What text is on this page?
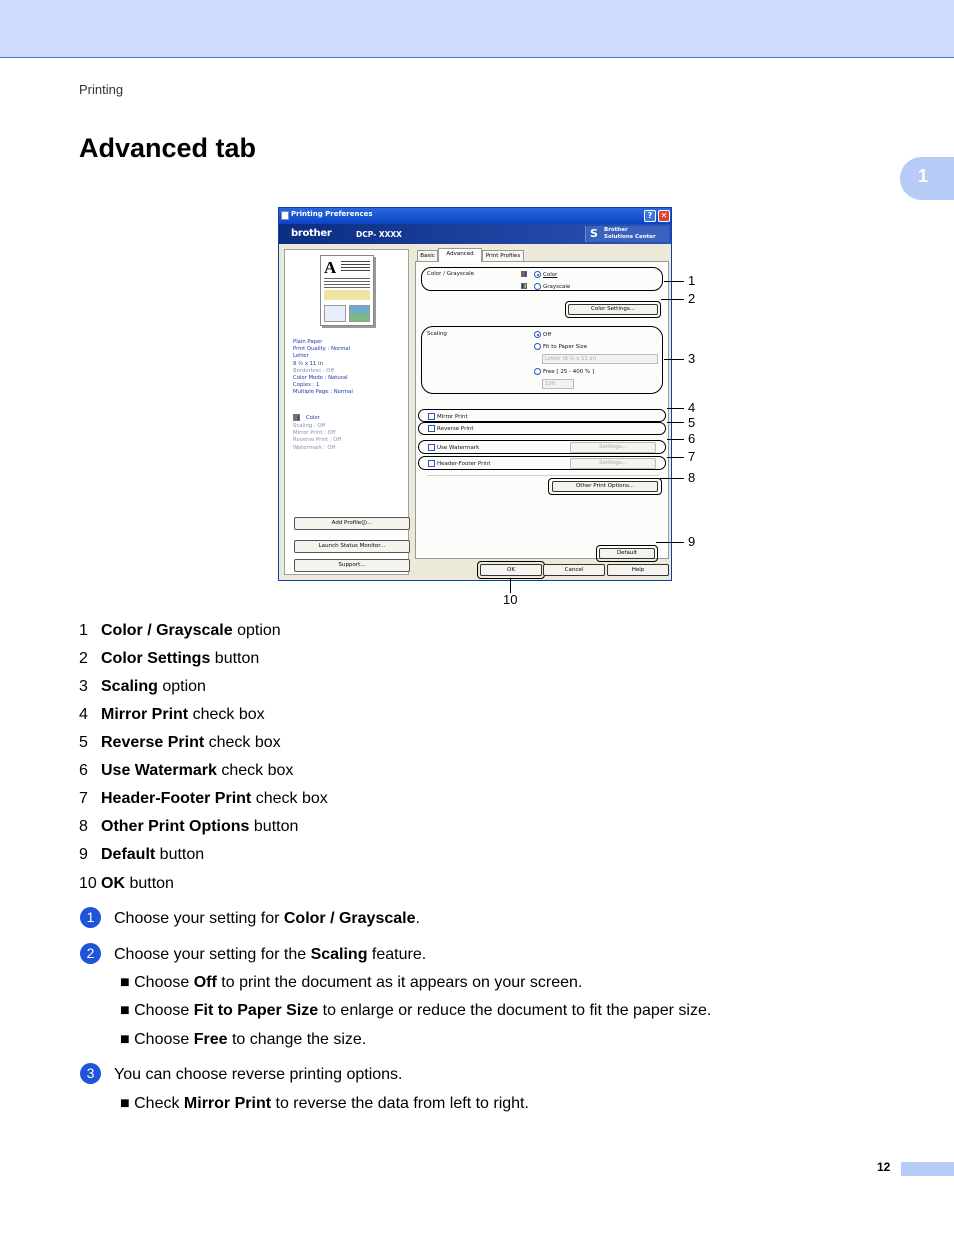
Printing
Advanced tab
1
Printing Preferences	?	✕
brother	DCP- XXXX	S Brother
Solutions Center
A
Plain Paper
Print Quality : Normal
Letter
8 ½ x 11 in
Borderless : Off
Color Mode : Natural
Copies : 1
Multiple Page : Normal
Color
Scaling : Off
Mirror Print : Off
Reverse Print : Off
Watermark : Off
Add Profile(J)...
Launch Status Monitor...
Support...
Basic	Advanced	Print Profiles
Color / Grayscale	Color
Grayscale
Color Settings...
Scaling	Off
Fit to Paper Size
Letter (8 ½ x 11 in)
Free [ 25 - 400 % ]
100
Mirror Print
Reverse Print
Use Watermark	Settings...
Header-Footer Print	Settings...
Other Print Options...
Default
OK	Cancel	Help
1
2
3
4
5
6
7
8
9
10
1 Color / Grayscale option
2 Color Settings button
3 Scaling option
4 Mirror Print check box
5 Reverse Print check box
6 Use Watermark check box
7 Header-Footer Print check box
8 Other Print Options button
9 Default button
10 OK button
1	Choose your setting for Color / Grayscale.
2	Choose your setting for the Scaling feature.
■ Choose Off to print the document as it appears on your screen.
■ Choose Fit to Paper Size to enlarge or reduce the document to fit the paper size.
■ Choose Free to change the size.
3	You can choose reverse printing options.
■ Check Mirror Print to reverse the data from left to right.
12
